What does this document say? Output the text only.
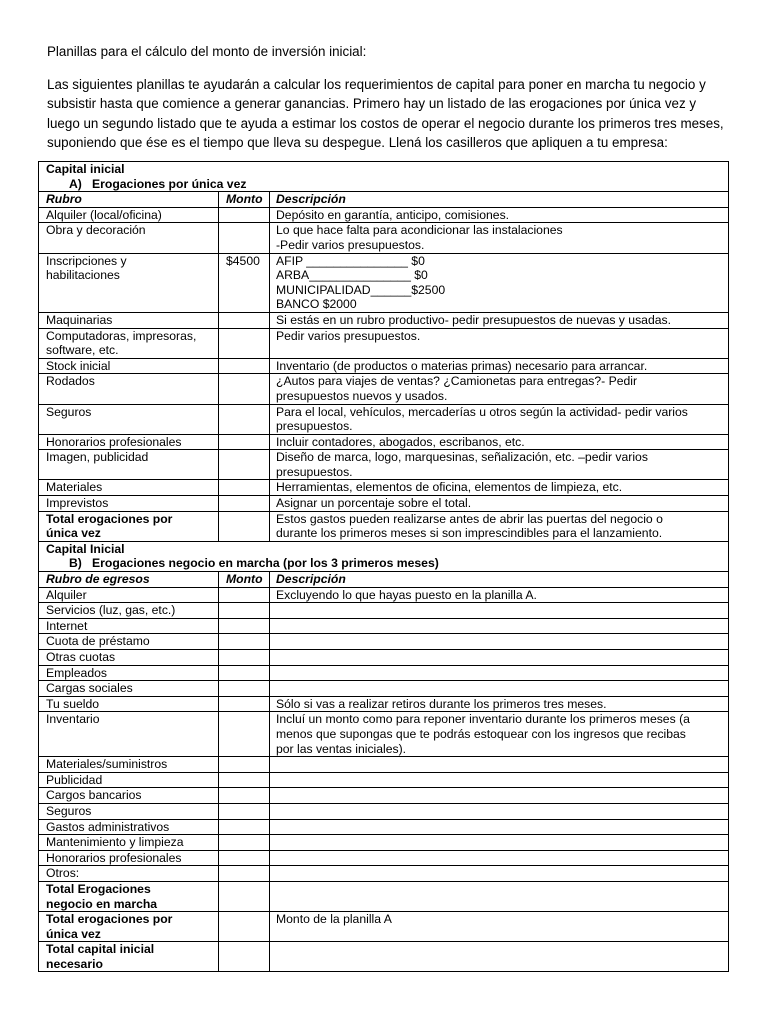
Planillas para el cálculo del monto de inversión inicial:

Las siguientes planillas te ayudarán a calcular los requerimientos de capital para poner en marcha tu negocio y subsistir hasta que comience a generar ganancias. Primero hay un listado de las erogaciones por única vez y luego un segundo listado que te ayuda a estimar los costos de operar el negocio durante los primeros tres meses, suponiendo que ése es el tiempo que lleva su despegue. Llená los casilleros que apliquen a tu empresa:

Capital inicial
A)   Erogaciones por única vez		

Rubro	Monto	Descripción

Alquiler (local/oficina)		Depósito en garantía, anticipo, comisiones.

Obra y decoración		Lo que hace falta para acondicionar las instalaciones
-Pedir varios presupuestos.

Inscripciones y
habilitaciones	$4500	AFIP _______________ $0
ARBA_______________ $0
MUNICIPALIDAD______$2500
BANCO $2000

Maquinarias		Si estás en un rubro productivo- pedir presupuestos de nuevas y usadas.

Computadoras, impresoras,
software, etc.		Pedir varios presupuestos.

Stock inicial		Inventario (de productos o materias primas) necesario para arrancar.

Rodados		¿Autos para viajes de ventas? ¿Camionetas para entregas?- Pedir
presupuestos nuevos y usados.

Seguros		Para el local, vehículos, mercaderías u otros según la actividad- pedir varios
presupuestos.

Honorarios profesionales		Incluir contadores, abogados, escribanos, etc.

Imagen, publicidad		Diseño de marca, logo, marquesinas, señalización, etc. –pedir varios
presupuestos.

Materiales		Herramientas, elementos de oficina, elementos de limpieza, etc.

Imprevistos		Asignar un porcentaje sobre el total.

Total erogaciones por
única vez		Estos gastos pueden realizarse antes de abrir las puertas del negocio o
durante los primeros meses si son imprescindibles para el lanzamiento.

Capital Inicial
B)   Erogaciones negocio en marcha (por los 3 primeros meses)		

Rubro de egresos	Monto	Descripción

Alquiler		Excluyendo lo que hayas puesto en la planilla A.

Servicios (luz, gas, etc.)		

Internet		

Cuota de préstamo		

Otras cuotas		

Empleados		

Cargas sociales		

Tu sueldo		Sólo si vas a realizar retiros durante los primeros tres meses.

Inventario		Incluí un monto como para reponer inventario durante los primeros meses (a
menos que supongas que te podrás estoquear con los ingresos que recibas
por las ventas iniciales).

Materiales/suministros		

Publicidad		

Cargos bancarios		

Seguros		

Gastos administrativos		

Mantenimiento y limpieza		

Honorarios profesionales		

Otros:		

Total Erogaciones
negocio en marcha		

Total erogaciones por
única vez		Monto de la planilla A

Total capital inicial
necesario		
